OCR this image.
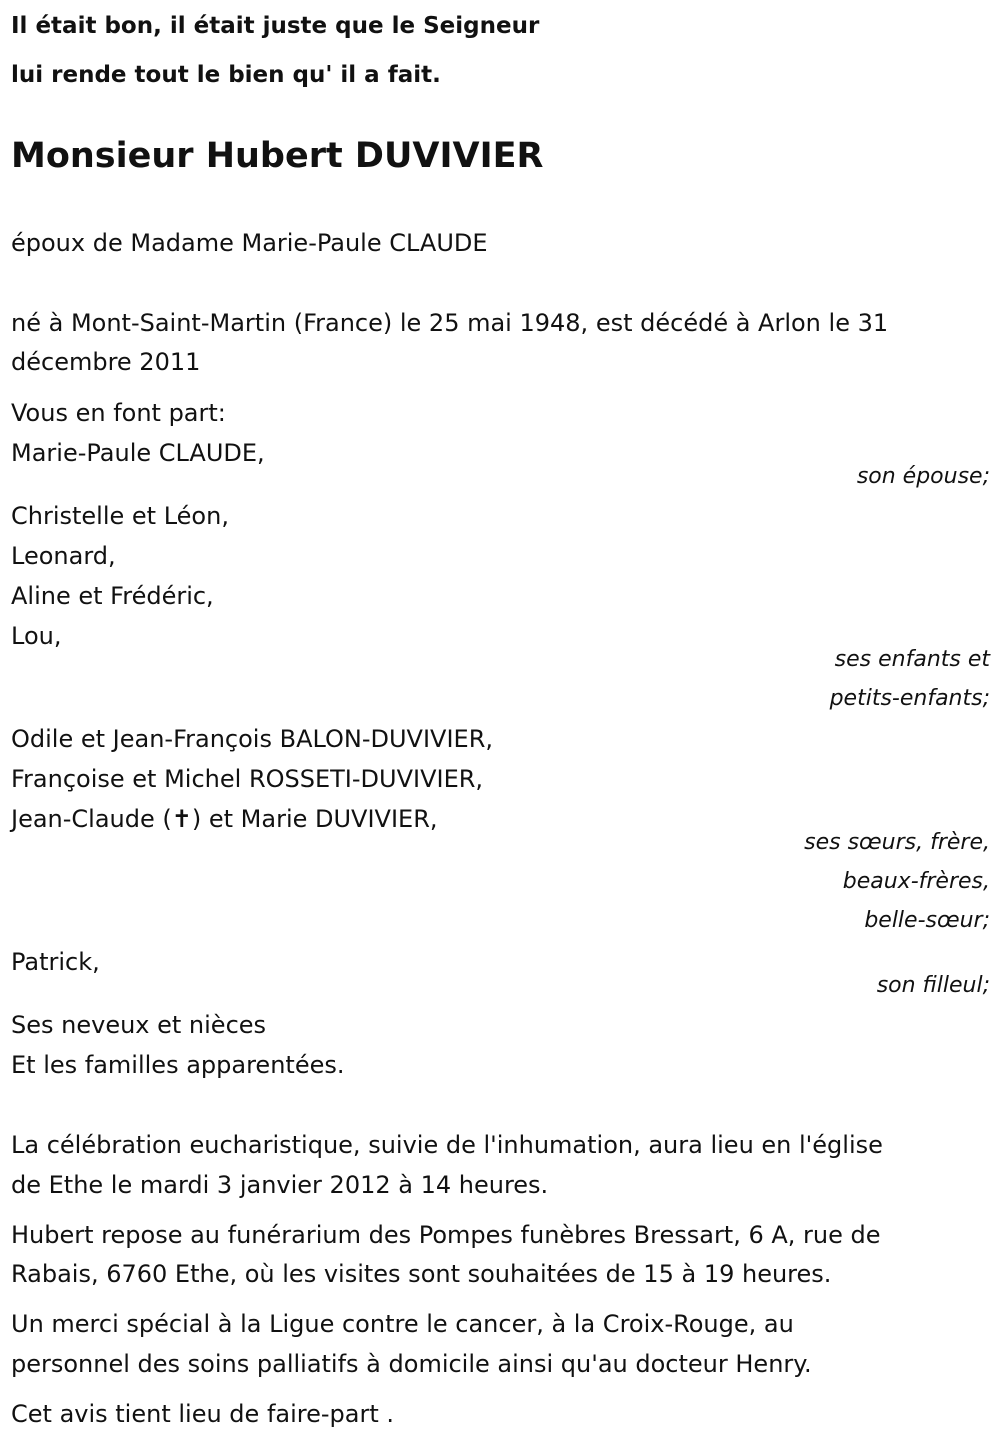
Il était bon, il était juste que le Seigneur
lui rende tout le bien qu' il a fait.
Monsieur Hubert DUVIVIER
époux de Madame Marie-Paule CLAUDE
né à Mont-Saint-Martin (France) le 25 mai 1948, est décédé à Arlon le 31
décembre 2011
Vous en font part:
Marie-Paule CLAUDE,
son épouse;
Christelle et Léon,
Leonard,
Aline et Frédéric,
Lou,
ses enfants et
petits-enfants;
Odile et Jean-François BALON-DUVIVIER,
Françoise et Michel ROSSETI-DUVIVIER,
Jean-Claude (✝) et Marie DUVIVIER,
ses sœurs, frère,
beaux-frères,
belle-sœur;
Patrick,
son filleul;
Ses neveux et nièces
Et les familles apparentées.
La célébration eucharistique, suivie de l'inhumation, aura lieu en l'église
de Ethe le mardi 3 janvier 2012 à 14 heures.
Hubert repose au funérarium des Pompes funèbres Bressart, 6 A, rue de
Rabais, 6760 Ethe, où les visites sont souhaitées de 15 à 19 heures.
Un merci spécial à la Ligue contre le cancer, à la Croix-Rouge, au
personnel des soins palliatifs à domicile ainsi qu'au docteur Henry.
Cet avis tient lieu de faire-part .
